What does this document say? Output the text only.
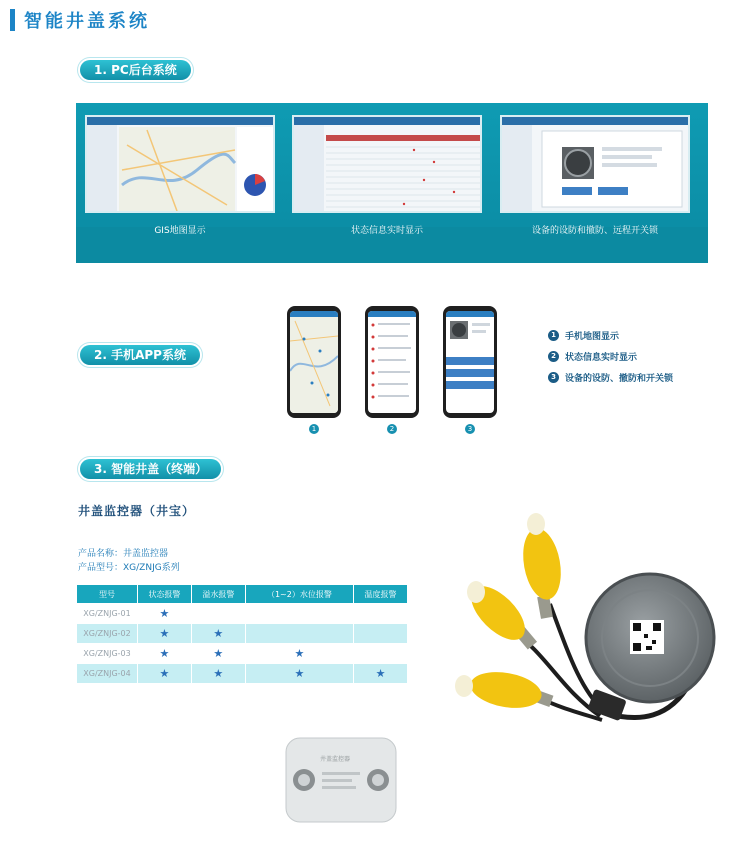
智能井盖系统
1. PC后台系统
GIS地图显示	状态信息实时显示	设备的设防和撤防、远程开关锁
2. 手机APP系统
1	2	3
1	手机地图显示
2	状态信息实时显示
3	设备的设防、撤防和开关锁
3. 智能井盖（终端）
井盖监控器（井宝）
产品名称：井盖监控器
产品型号：XG/ZNJG系列
型号	状态报警	溢水报警	（1~2）水位报警	温度报警
XG/ZNJG-01	★			
XG/ZNJG-02	★	★		
XG/ZNJG-03	★	★	★	
XG/ZNJG-04	★	★	★	★
井盖监控器
